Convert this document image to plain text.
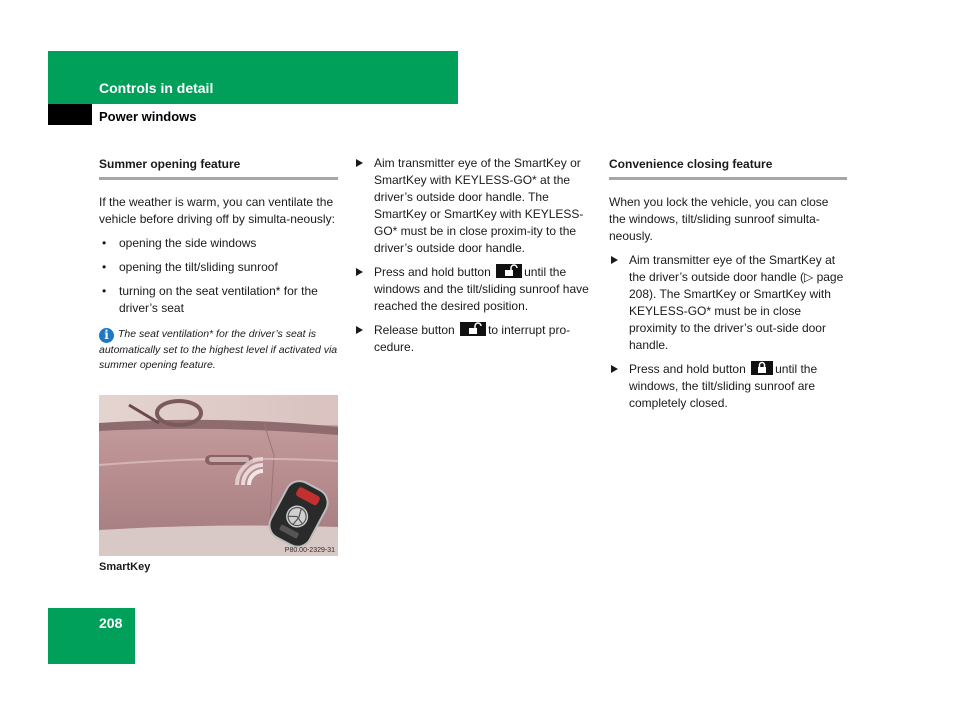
Controls in detail
Power windows
Summer opening feature

If the weather is warm, you can ventilate the vehicle before driving off by simulta-neously:

• opening the side windows
• opening the tilt/sliding sunroof
• turning on the seat ventilation* for the driver’s seat
i The seat ventilation* for the driver’s seat is automatically set to the highest level if activated via summer opening feature.
P80.00-2329-31
SmartKey
Aim transmitter eye of the SmartKey or SmartKey with KEYLESS-GO* at the driver’s outside door handle. The SmartKey or SmartKey with KEYLESS-GO* must be in close proxim-ity to the driver’s outside door handle.
Press and hold button	until the windows and the tilt/sliding sunroof have reached the desired position.
Release button	to interrupt pro-cedure.
Convenience closing feature

When you lock the vehicle, you can close the windows, tilt/sliding sunroof simulta-neously.

Aim transmitter eye of the SmartKey at the driver’s outside door handle (▷ page 208). The SmartKey or SmartKey with KEYLESS-GO* must be in close proximity to the driver’s out-side door handle.
Press and hold button until the windows, the tilt/sliding sunroof are completely closed.
208
